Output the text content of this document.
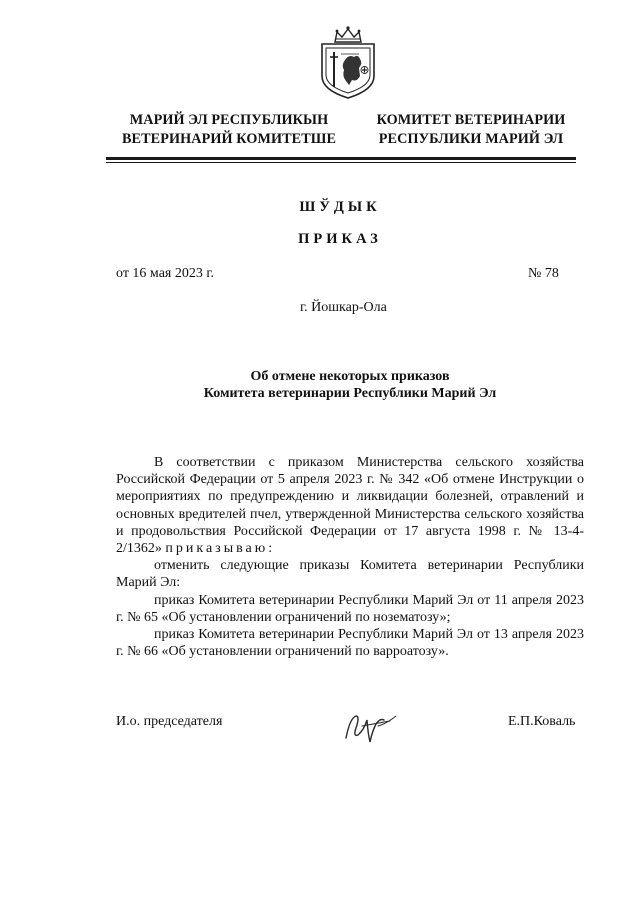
МАРИЙ ЭЛ РЕСПУБЛИКЫН
ВЕТЕРИНАРИЙ КОМИТЕТШЕ
КОМИТЕТ ВЕТЕРИНАРИИ
РЕСПУБЛИКИ МАРИЙ ЭЛ
ШЎДЫК
ПРИКАЗ
от 16 мая 2023 г.	№ 78
г. Йошкар-Ола
Об отмене некоторых приказов
Комитета ветеринарии Республики Марий Эл

В соответствии с приказом Министерства сельского хозяйства Российской Федерации от 5 апреля 2023 г. № 342 «Об отмене Инструкции о мероприятиях по предупреждению и ликвидации болезней, отравлений и основных вредителей пчел, утвержденной Министерства сельского хозяйства и продовольствия Российской Федерации от 17 августа 1998 г. № 13-4-2/1362» приказываю:

отменить следующие приказы Комитета ветеринарии Республики Марий Эл:

приказ Комитета ветеринарии Республики Марий Эл от 11 апреля 2023 г. № 65 «Об установлении ограничений по нозематозу»;

приказ Комитета ветеринарии Республики Марий Эл от 13 апреля 2023 г. № 66 «Об установлении ограничений по варроатозу».

И.о. председателя	Е.П.Коваль
